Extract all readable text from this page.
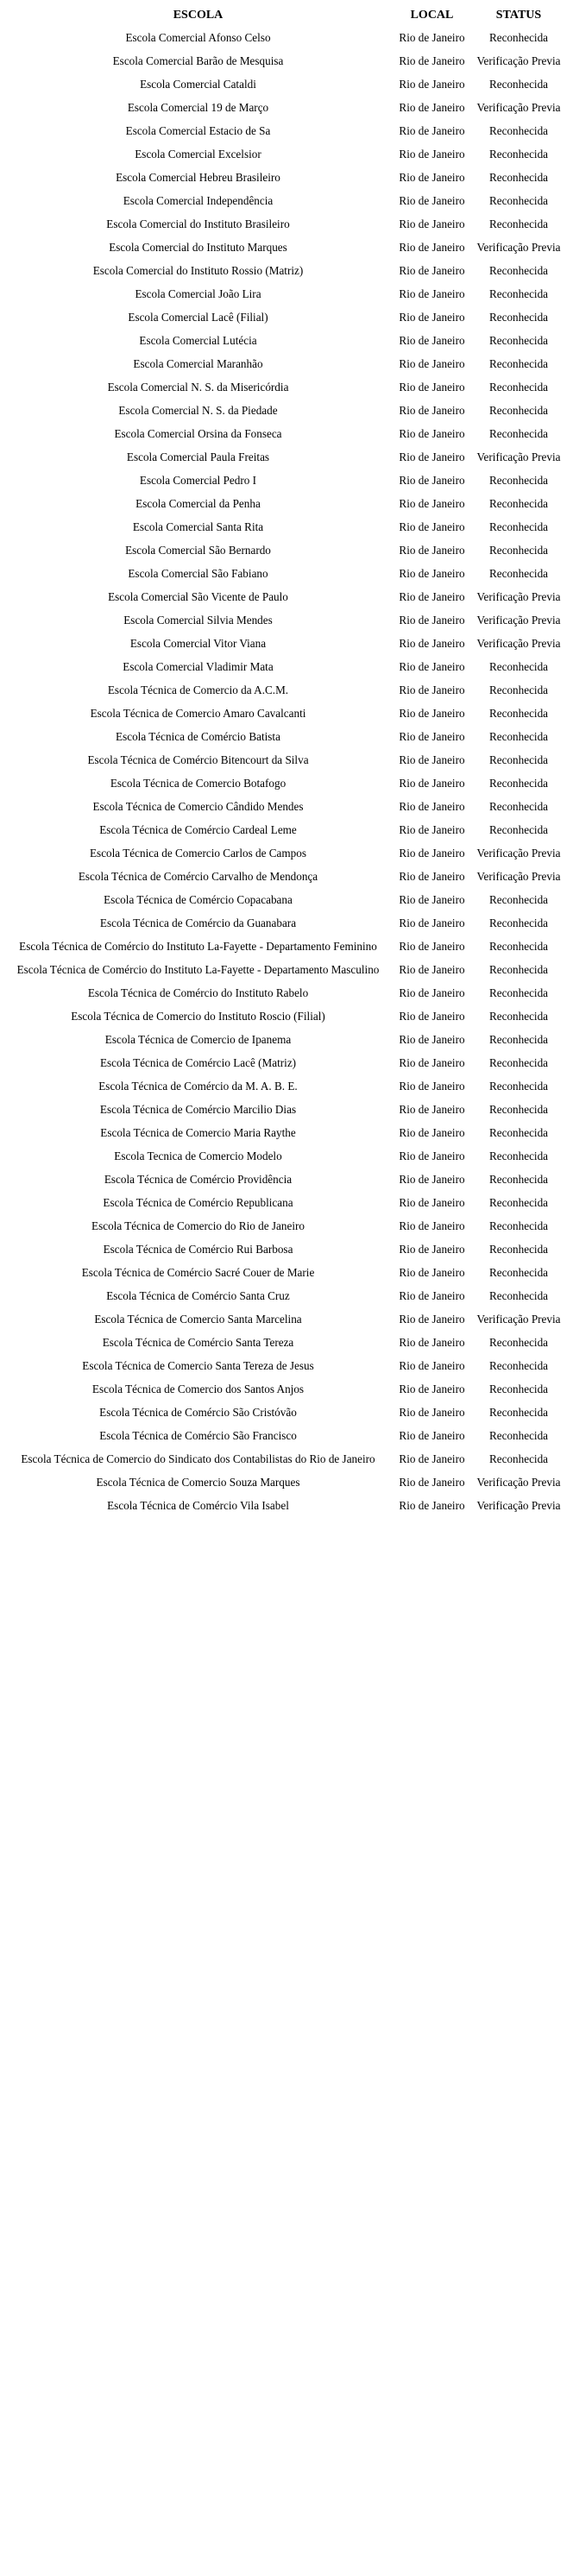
ESCOLA	LOCAL	STATUS
Escola Comercial Afonso Celso	Rio de Janeiro	Reconhecida
Escola Comercial Barão de Mesquisa	Rio de Janeiro	Verificação Previa
Escola Comercial Cataldi	Rio de Janeiro	Reconhecida
Escola Comercial 19 de Março	Rio de Janeiro	Verificação Previa
Escola Comercial Estacio de Sa	Rio de Janeiro	Reconhecida
Escola Comercial Excelsior	Rio de Janeiro	Reconhecida
Escola Comercial Hebreu Brasileiro	Rio de Janeiro	Reconhecida
Escola Comercial Independência	Rio de Janeiro	Reconhecida
Escola Comercial do Instituto Brasileiro	Rio de Janeiro	Reconhecida
Escola Comercial do Instituto Marques	Rio de Janeiro	Verificação Previa
Escola Comercial do Instituto Rossio (Matriz)	Rio de Janeiro	Reconhecida
Escola Comercial João Lira	Rio de Janeiro	Reconhecida
Escola Comercial Lacê (Filial)	Rio de Janeiro	Reconhecida
Escola Comercial Lutécia	Rio de Janeiro	Reconhecida
Escola Comercial Maranhão	Rio de Janeiro	Reconhecida
Escola Comercial N. S. da Misericórdia	Rio de Janeiro	Reconhecida
Escola Comercial N. S. da Piedade	Rio de Janeiro	Reconhecida
Escola Comercial Orsina da Fonseca	Rio de Janeiro	Reconhecida
Escola Comercial Paula Freitas	Rio de Janeiro	Verificação Previa
Escola Comercial Pedro I	Rio de Janeiro	Reconhecida
Escola Comercial da Penha	Rio de Janeiro	Reconhecida
Escola Comercial Santa Rita	Rio de Janeiro	Reconhecida
Escola Comercial São Bernardo	Rio de Janeiro	Reconhecida
Escola Comercial São Fabiano	Rio de Janeiro	Reconhecida
Escola Comercial São Vicente de Paulo	Rio de Janeiro	Verificação Previa
Escola Comercial Silvia Mendes	Rio de Janeiro	Verificação Previa
Escola Comercial Vitor Viana	Rio de Janeiro	Verificação Previa
Escola Comercial Vladimir Mata	Rio de Janeiro	Reconhecida
Escola Técnica de Comercio da A.C.M.	Rio de Janeiro	Reconhecida
Escola Técnica de Comercio Amaro Cavalcanti	Rio de Janeiro	Reconhecida
Escola Técnica de Comércio Batista	Rio de Janeiro	Reconhecida
Escola Técnica de Comércio Bitencourt da Silva	Rio de Janeiro	Reconhecida
Escola Técnica de Comercio Botafogo	Rio de Janeiro	Reconhecida
Escola Técnica de Comercio Cândido Mendes	Rio de Janeiro	Reconhecida
Escola Técnica de Comércio Cardeal Leme	Rio de Janeiro	Reconhecida
Escola Técnica de Comercio Carlos de Campos	Rio de Janeiro	Verificação Previa
Escola Técnica de Comércio Carvalho de Mendonça	Rio de Janeiro	Verificação Previa
Escola Técnica de Comércio Copacabana	Rio de Janeiro	Reconhecida
Escola Técnica de Comércio da Guanabara	Rio de Janeiro	Reconhecida
Escola Técnica de Comércio do Instituto La-Fayette - Departamento Feminino	Rio de Janeiro	Reconhecida
Escola Técnica de Comércio do Instituto La-Fayette - Departamento Masculino	Rio de Janeiro	Reconhecida
Escola Técnica de Comércio do Instituto Rabelo	Rio de Janeiro	Reconhecida
Escola Técnica de Comercio do Instituto Roscio (Filial)	Rio de Janeiro	Reconhecida
Escola Técnica de Comercio de Ipanema	Rio de Janeiro	Reconhecida
Escola Técnica de Comércio Lacê (Matriz)	Rio de Janeiro	Reconhecida
Escola Técnica de Comércio da M. A. B. E.	Rio de Janeiro	Reconhecida
Escola Técnica de Comércio Marcilio Dias	Rio de Janeiro	Reconhecida
Escola Técnica de Comercio Maria Raythe	Rio de Janeiro	Reconhecida
Escola Tecnica de Comercio Modelo	Rio de Janeiro	Reconhecida
Escola Técnica de Comércio Providência	Rio de Janeiro	Reconhecida
Escola Técnica de Comércio Republicana	Rio de Janeiro	Reconhecida
Escola Técnica de Comercio do Rio de Janeiro	Rio de Janeiro	Reconhecida
Escola Técnica de Comércio Rui Barbosa	Rio de Janeiro	Reconhecida
Escola Técnica de Comércio Sacré Couer de Marie	Rio de Janeiro	Reconhecida
Escola Técnica de Comércio Santa Cruz	Rio de Janeiro	Reconhecida
Escola Técnica de Comercio Santa Marcelina	Rio de Janeiro	Verificação Previa
Escola Técnica de Comércio Santa Tereza	Rio de Janeiro	Reconhecida
Escola Técnica de Comercio Santa Tereza de Jesus	Rio de Janeiro	Reconhecida
Escola Técnica de Comercio dos Santos Anjos	Rio de Janeiro	Reconhecida
Escola Técnica de Comércio São Cristóvão	Rio de Janeiro	Reconhecida
Escola Técnica de Comércio São Francisco	Rio de Janeiro	Reconhecida
Escola Técnica de Comercio do Sindicato dos Contabilistas do Rio de Janeiro	Rio de Janeiro	Reconhecida
Escola Técnica de Comercio Souza Marques	Rio de Janeiro	Verificação Previa
Escola Técnica de Comércio Vila Isabel	Rio de Janeiro	Verificação Previa
